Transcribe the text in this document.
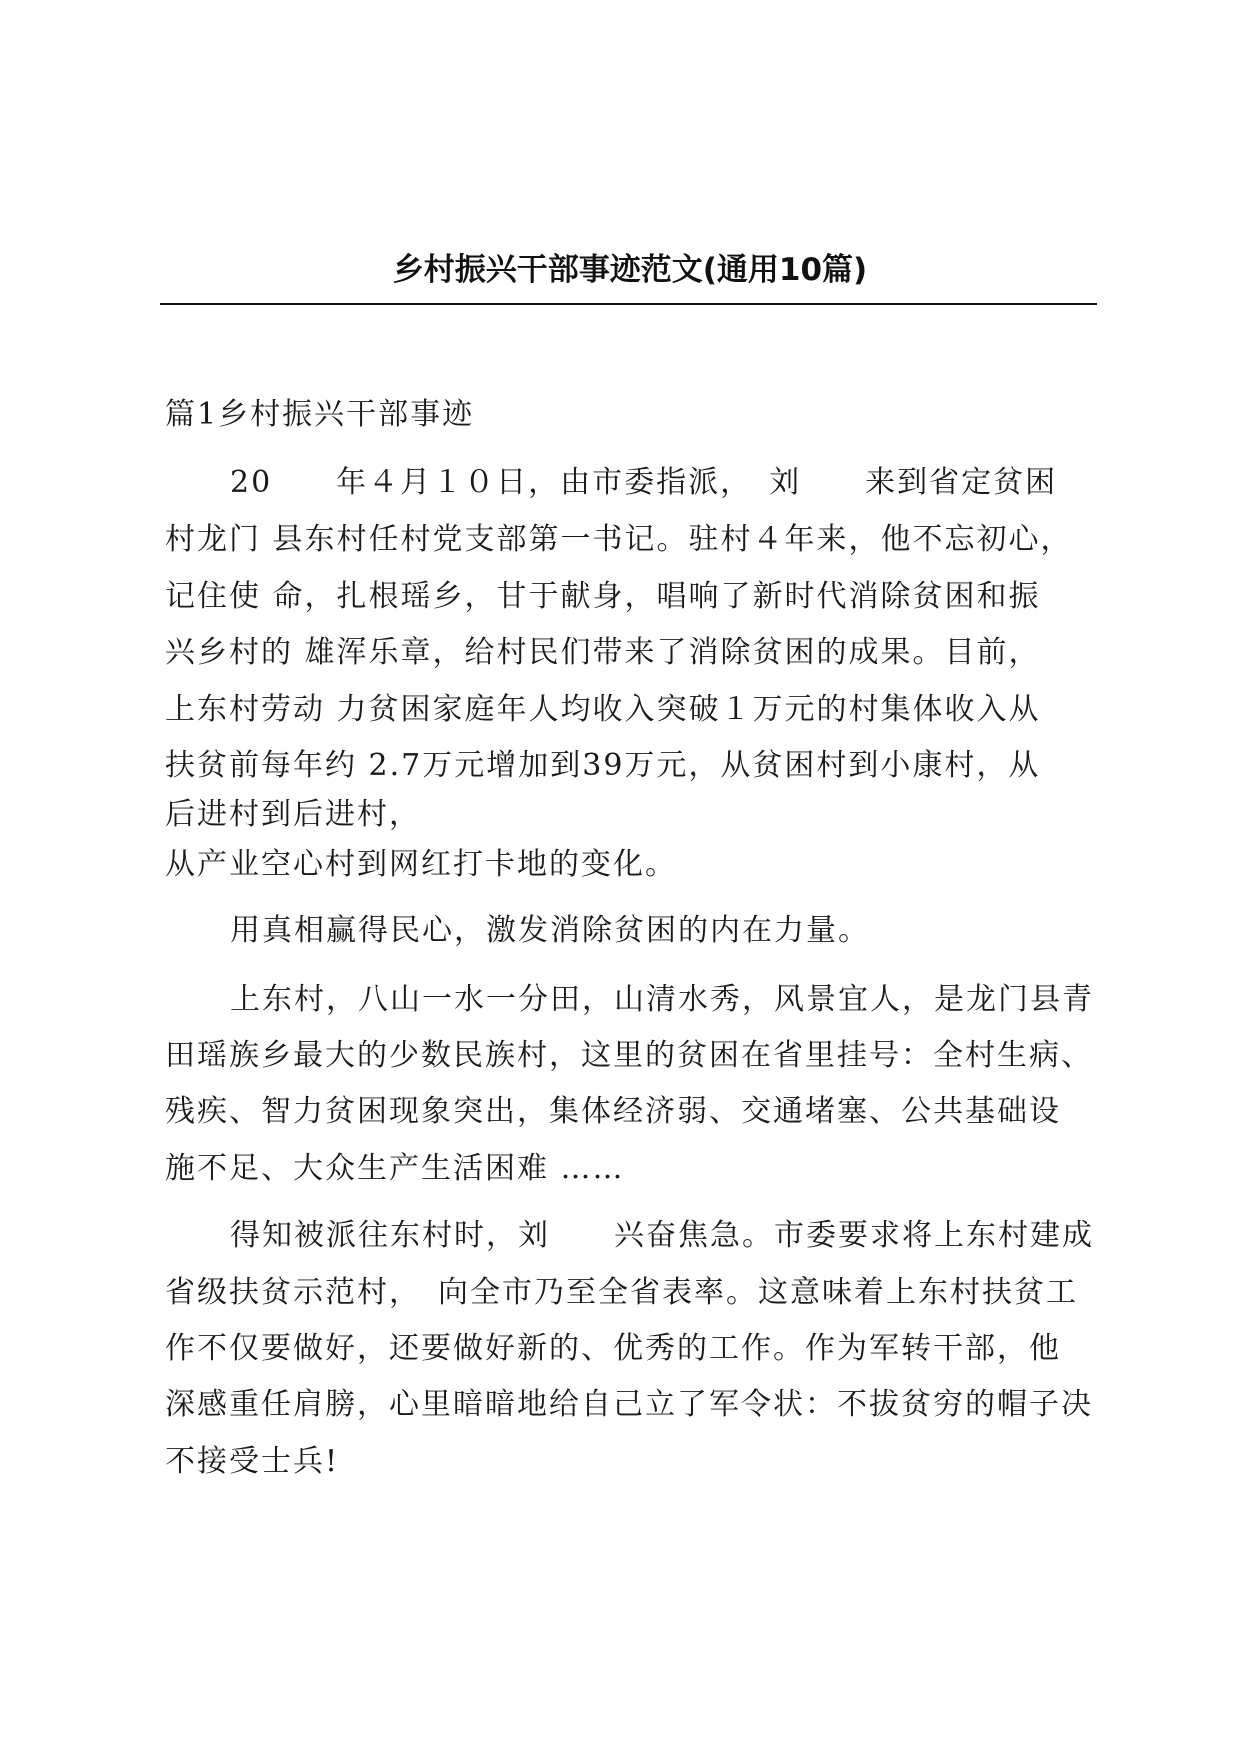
乡村振兴干部事迹范文(通用10篇)
篇1乡村振兴干部事迹
20　　年４月１０日，由市委指派，　刘　　来到省定贫困
村龙门 县东村任村党支部第一书记。驻村４年来，他不忘初心，
记住使 命，扎根瑶乡，甘于献身，唱响了新时代消除贫困和振
兴乡村的 雄浑乐章，给村民们带来了消除贫困的成果。目前，
上东村劳动 力贫困家庭年人均收入突破１万元的村集体收入从
扶贫前每年约 2.7万元增加到39万元，从贫困村到小康村，从
后进村到后进村，
从产业空心村到网红打卡地的变化。
用真相赢得民心，激发消除贫困的内在力量。
上东村，八山一水一分田，山清水秀，风景宜人，是龙门县青
田瑶族乡最大的少数民族村，这里的贫困在省里挂号：全村生病、
残疾、智力贫困现象突出，集体经济弱、交通堵塞、公共基础设
施不足、大众生产生活困难 ……
得知被派往东村时，刘　　兴奋焦急。市委要求将上东村建成
省级扶贫示范村，　向全市乃至全省表率。这意味着上东村扶贫工
作不仅要做好，还要做好新的、优秀的工作。作为军转干部，他
深感重任肩膀，心里暗暗地给自己立了军令状：不拔贫穷的帽子决
不接受士兵!
